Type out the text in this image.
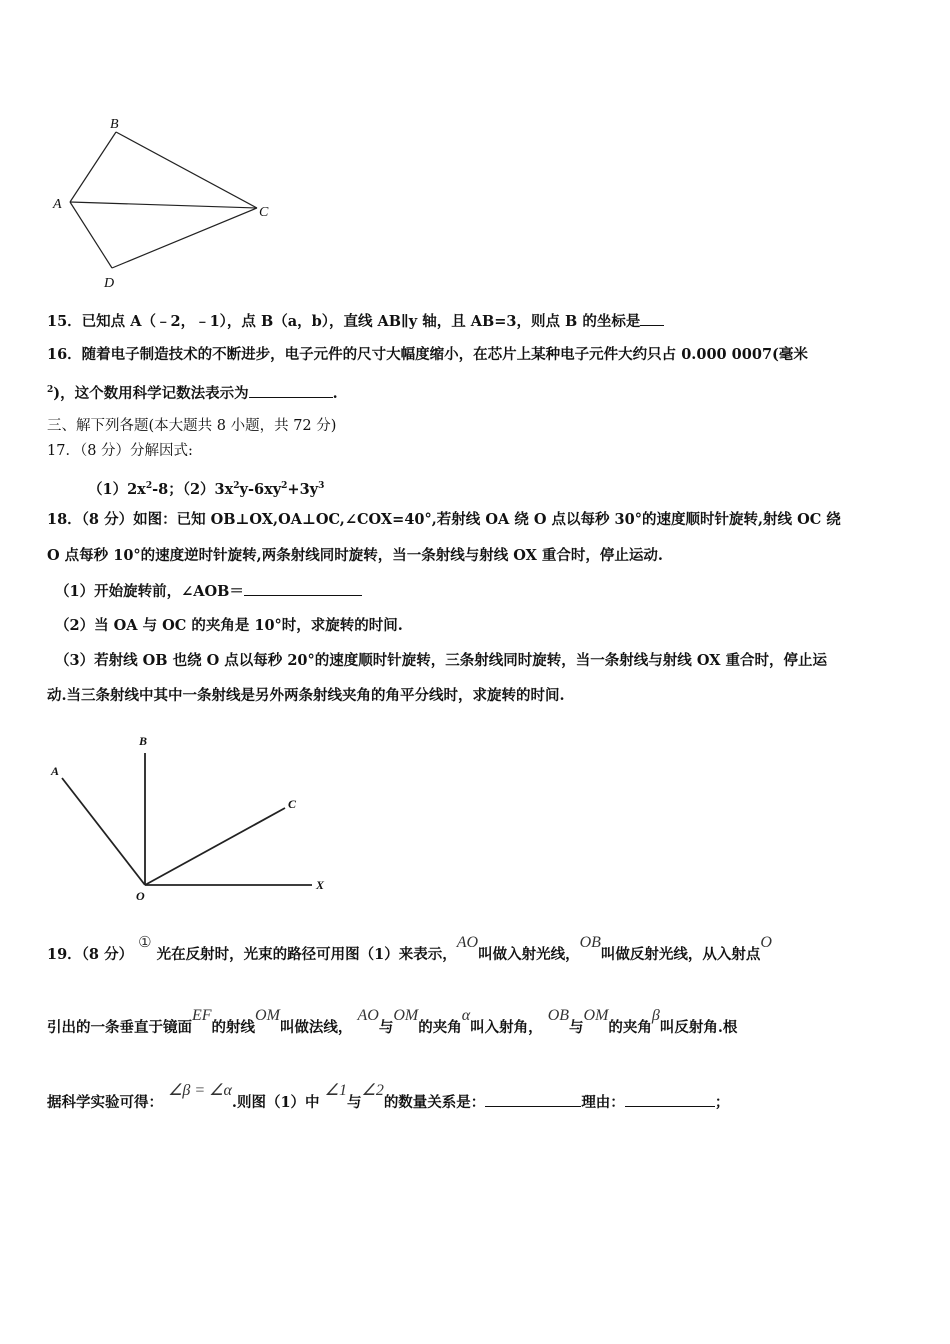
B
A
C
D
15．已知点 A（﹣2，﹣1），点 B（a，b），直线 AB∥y 轴，且 AB=3，则点 B 的坐标是
16．随着电子制造技术的不断进步，电子元件的尺寸大幅度缩小，在芯片上某种电子元件大约只占 0.000 0007(毫米
$^2$)，这个数用科学记数法表示为	.
三、解下列各题(本大题共 8 小题，共 72 分)
17．（8 分）分解因式:
$(1)2x^2-8$；$(2)3x^2y-6xy^2+3y^3$
18．（8 分）如图：已知 OB⊥OX,OA⊥OC,∠COX=40°,若射线 OA 绕 O 点以每秒 30°的速度顺时针旋转,射线 OC 绕
O 点每秒 10°的速度逆时针旋转,两条射线同时旋转，当一条射线与射线 OX 重合时，停止运动.
（1）开始旋转前，∠AOB＝
（2）当 OA 与 OC 的夹角是 10°时，求旋转的时间.
（3）若射线 OB 也绕 O 点以每秒 20°的速度顺时针旋转，三条射线同时旋转，当一条射线与射线 OX 重合时，停止运
动.当三条射线中其中一条射线是另外两条射线夹角的角平分线时，求旋转的时间.
A
B
C
O
X
19．（8 分） ① 光在反射时，光束的路径可用图（1）来表示，AO叫做入射光线，OB叫做反射光线，从入射点O
引出的一条垂直于镜面EF的射线OM叫做法线， AO与OM的夹角α叫入射角， OB与OM的夹角β叫反射角.根
据科学实验可得： ∠β = ∠α.则图（1）中 ∠1与∠2的数量关系是：	理由：	；
